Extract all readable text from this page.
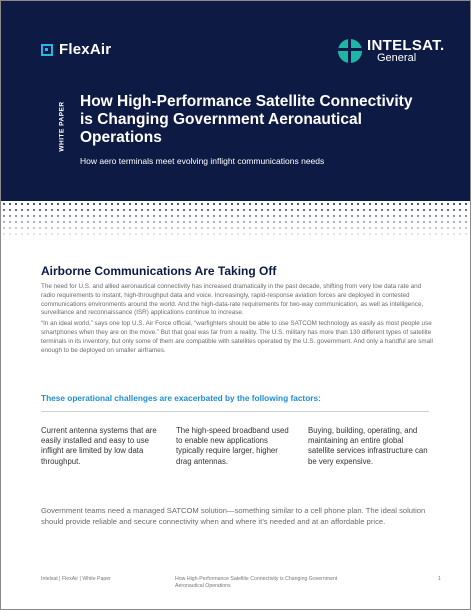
FlexAir	INTELSAT.
General
WHITE PAPER How High-Performance Satellite Connectivity is Changing Government Aeronautical Operations
How aero terminals meet evolving inflight communications needs
Airborne Communications Are Taking Off

The need for U.S. and allied aeronautical connectivity has increased dramatically in the past decade, shifting from very low data rate and radio requirements to instant, high-throughput data and voice. Increasingly, rapid-response aviation forces are deployed in contested communications environments around the world. And the high-data-rate requirements for two-way communication, as well as intelligence, surveillance and reconnaissance (ISR) applications continue to increase.

“In an ideal world,” says one top U.S. Air Force official, “warfighters should be able to use SATCOM technology as easily as most people use smartphones when they are on the move.” But that goal was far from a reality. The U.S. military has more than 130 different types of satellite terminals in its inventory, but only some of them are compatible with satellites operated by the U.S. government. And only a handful are small enough to be deployed on smaller airframes.

These operational challenges are exacerbated by the following factors:
Current antenna systems that are easily installed and easy to use inflight are limited by low data throughput.
The high-speed broadband used to enable new applications typically require larger, higher drag antennas.
Buying, building, operating, and maintaining an entire global satellite services infrastructure can be very expensive.
Government teams need a managed SATCOM solution—something similar to a cell phone plan. The ideal solution should provide reliable and secure connectivity when and where it’s needed and at an affordable price.
Intelsat | FlexAir | White Paper	How High-Performance Satellite Connectivity is Changing Government Aeronautical Operations
1
